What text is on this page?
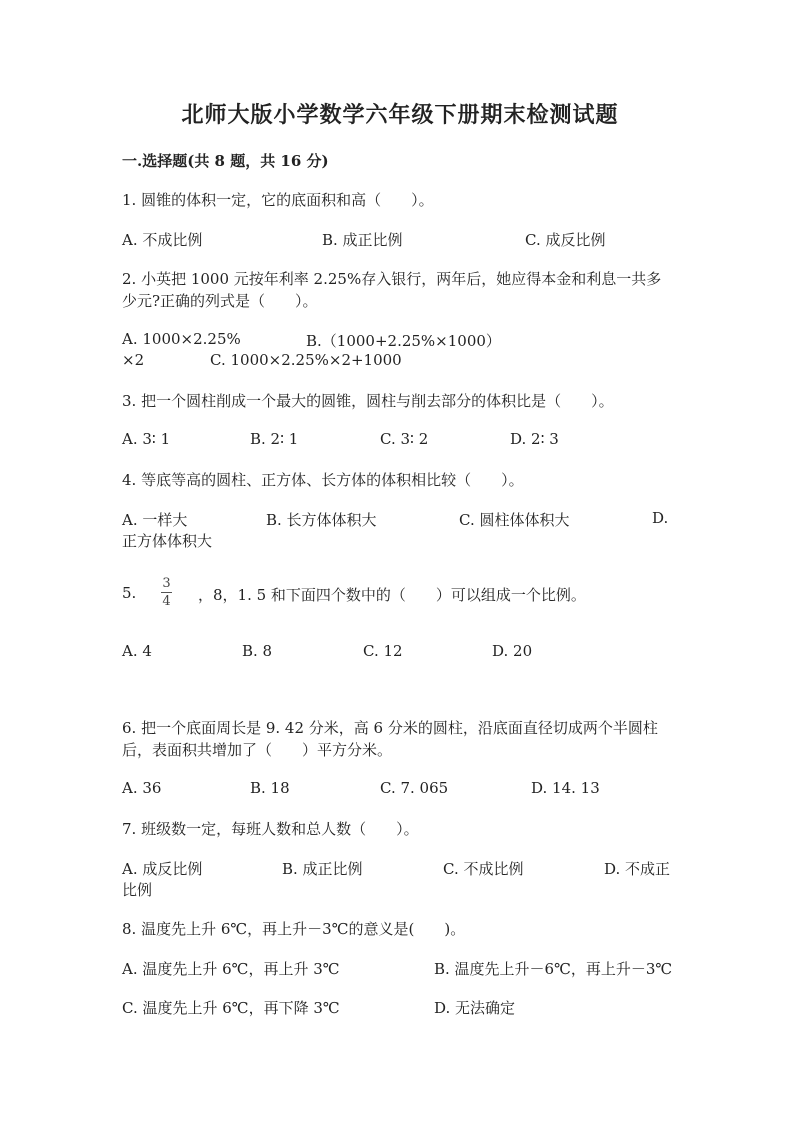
北师大版小学数学六年级下册期末检测试题
一.选择题(共 8 题，共 16 分)
1. 圆锥的体积一定，它的底面积和高（　　）。
A. 不成比例	B. 成正比例	C. 成反比例
2. 小英把 1000 元按年利率 2.25%存入银行，两年后，她应得本金和利息一共多
少元?正确的列式是（　　）。
A. 1000×2.25%	B.（1000+2.25%×1000）
×2	C. 1000×2.25%×2+1000
3. 把一个圆柱削成一个最大的圆锥，圆柱与削去部分的体积比是（　　）。
A. 3∶ 1	B. 2∶ 1	C. 3∶ 2	D. 2∶ 3
4. 等底等高的圆柱、正方体、长方体的体积相比较（　　）。
A. 一样大	B. 长方体体积大	C. 圆柱体体积大	D.
正方体体积大
5.
3
4 ，8，1. 5 和下面四个数中的（　　）可以组成一个比例。
A. 4	B. 8	C. 12	D. 20
6. 把一个底面周长是 9. 42 分米，高 6 分米的圆柱，沿底面直径切成两个半圆柱
后，表面积共增加了（　　）平方分米。
A. 36	B. 18	C. 7. 065	D. 14. 13
7. 班级数一定，每班人数和总人数（　　）。
A. 成反比例	B. 成正比例	C. 不成比例	D. 不成正
比例
8. 温度先上升 6℃，再上升－3℃的意义是(　　)。
A. 温度先上升 6℃，再上升 3℃	B. 温度先上升－6℃，再上升－3℃
C. 温度先上升 6℃，再下降 3℃	D. 无法确定
